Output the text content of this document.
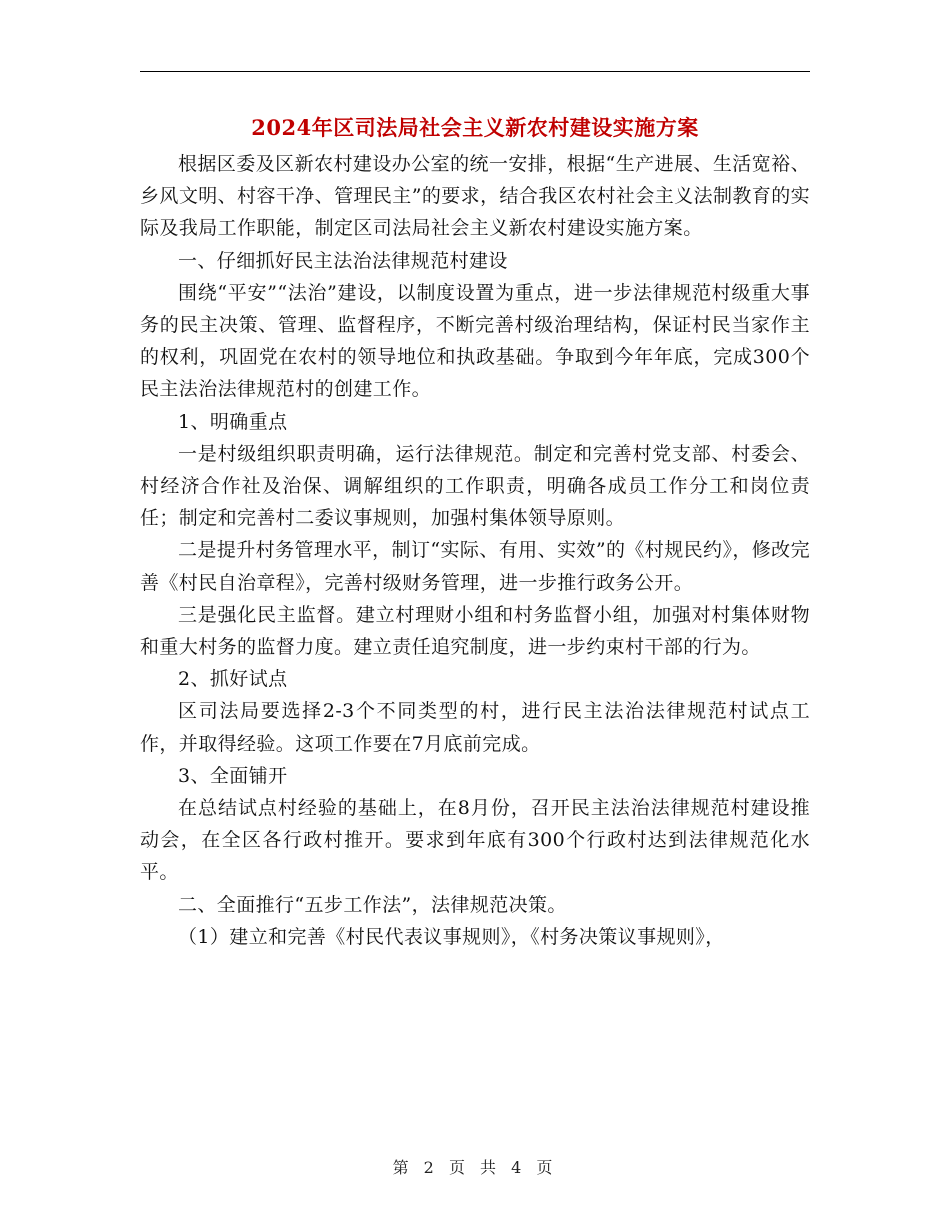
2024年区司法局社会主义新农村建设实施方案

根据区委及区新农村建设办公室的统一安排，根据“生产进展、生活宽裕、乡风文明、村容干净、管理民主”的要求，结合我区农村社会主义法制教育的实际及我局工作职能，制定区司法局社会主义新农村建设实施方案。

一、仔细抓好民主法治法律规范村建设

围绕“平安”“法治”建设，以制度设置为重点，进一步法律规范村级重大事务的民主决策、管理、监督程序，不断完善村级治理结构，保证村民当家作主的权利，巩固党在农村的领导地位和执政基础。争取到今年年底，完成300个民主法治法律规范村的创建工作。

1、明确重点

一是村级组织职责明确，运行法律规范。制定和完善村党支部、村委会、村经济合作社及治保、调解组织的工作职责，明确各成员工作分工和岗位责任；制定和完善村二委议事规则，加强村集体领导原则。

二是提升村务管理水平，制订“实际、有用、实效”的《村规民约》，修改完善《村民自治章程》，完善村级财务管理，进一步推行政务公开。

三是强化民主监督。建立村理财小组和村务监督小组，加强对村集体财物和重大村务的监督力度。建立责任追究制度，进一步约束村干部的行为。

2、抓好试点

区司法局要选择2-3个不同类型的村，进行民主法治法律规范村试点工作，并取得经验。这项工作要在7月底前完成。

3、全面铺开

在总结试点村经验的基础上，在8月份，召开民主法治法律规范村建设推动会，在全区各行政村推开。要求到年底有300个行政村达到法律规范化水平。

二、全面推行“五步工作法”，法律规范决策。

（1）建立和完善《村民代表议事规则》，《村务决策议事规则》，

第 2 页 共 4 页
